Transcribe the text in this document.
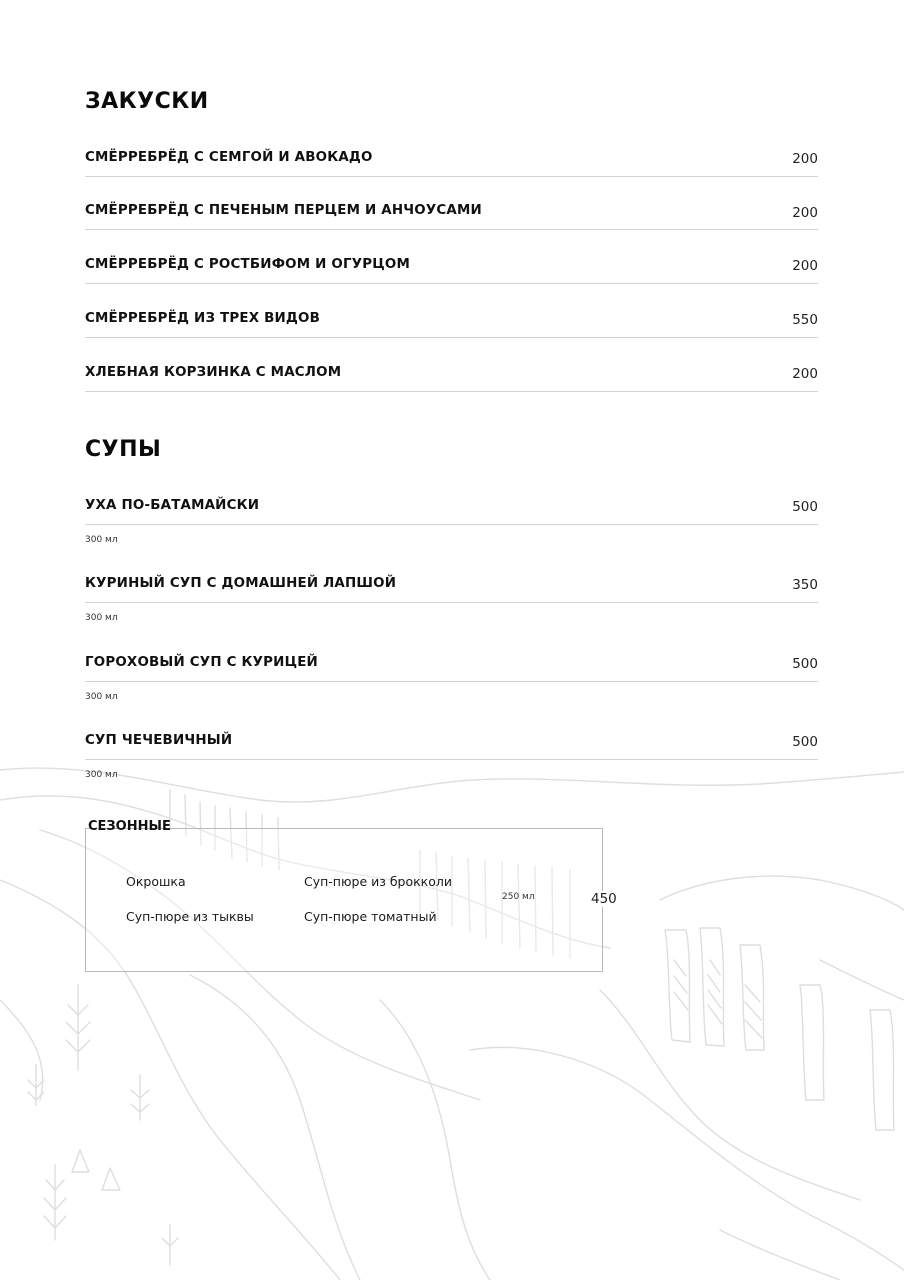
ЗАКУСКИ
СМЁРРЕБРЁД С СЕМГОЙ И АВОКАДО	200
СМЁРРЕБРЁД С ПЕЧЕНЫМ ПЕРЦЕМ И АНЧОУСАМИ	200
СМЁРРЕБРЁД С РОСТБИФОМ И ОГУРЦОМ	200
СМЁРРЕБРЁД ИЗ ТРЕХ ВИДОВ	550
ХЛЕБНАЯ КОРЗИНКА С МАСЛОМ	200
СУПЫ
УХА ПО-БАТАМАЙСКИ	500
300 мл
КУРИНЫЙ СУП С ДОМАШНЕЙ ЛАПШОЙ	350
300 мл
ГОРОХОВЫЙ СУП С КУРИЦЕЙ	500
300 мл
СУП ЧЕЧЕВИЧНЫЙ	500
300 мл
СЕЗОННЫЕ
Окрошка	Суп-пюре из брокколи
Суп-пюре из тыквы	Суп-пюре томатный
250 мл	450
